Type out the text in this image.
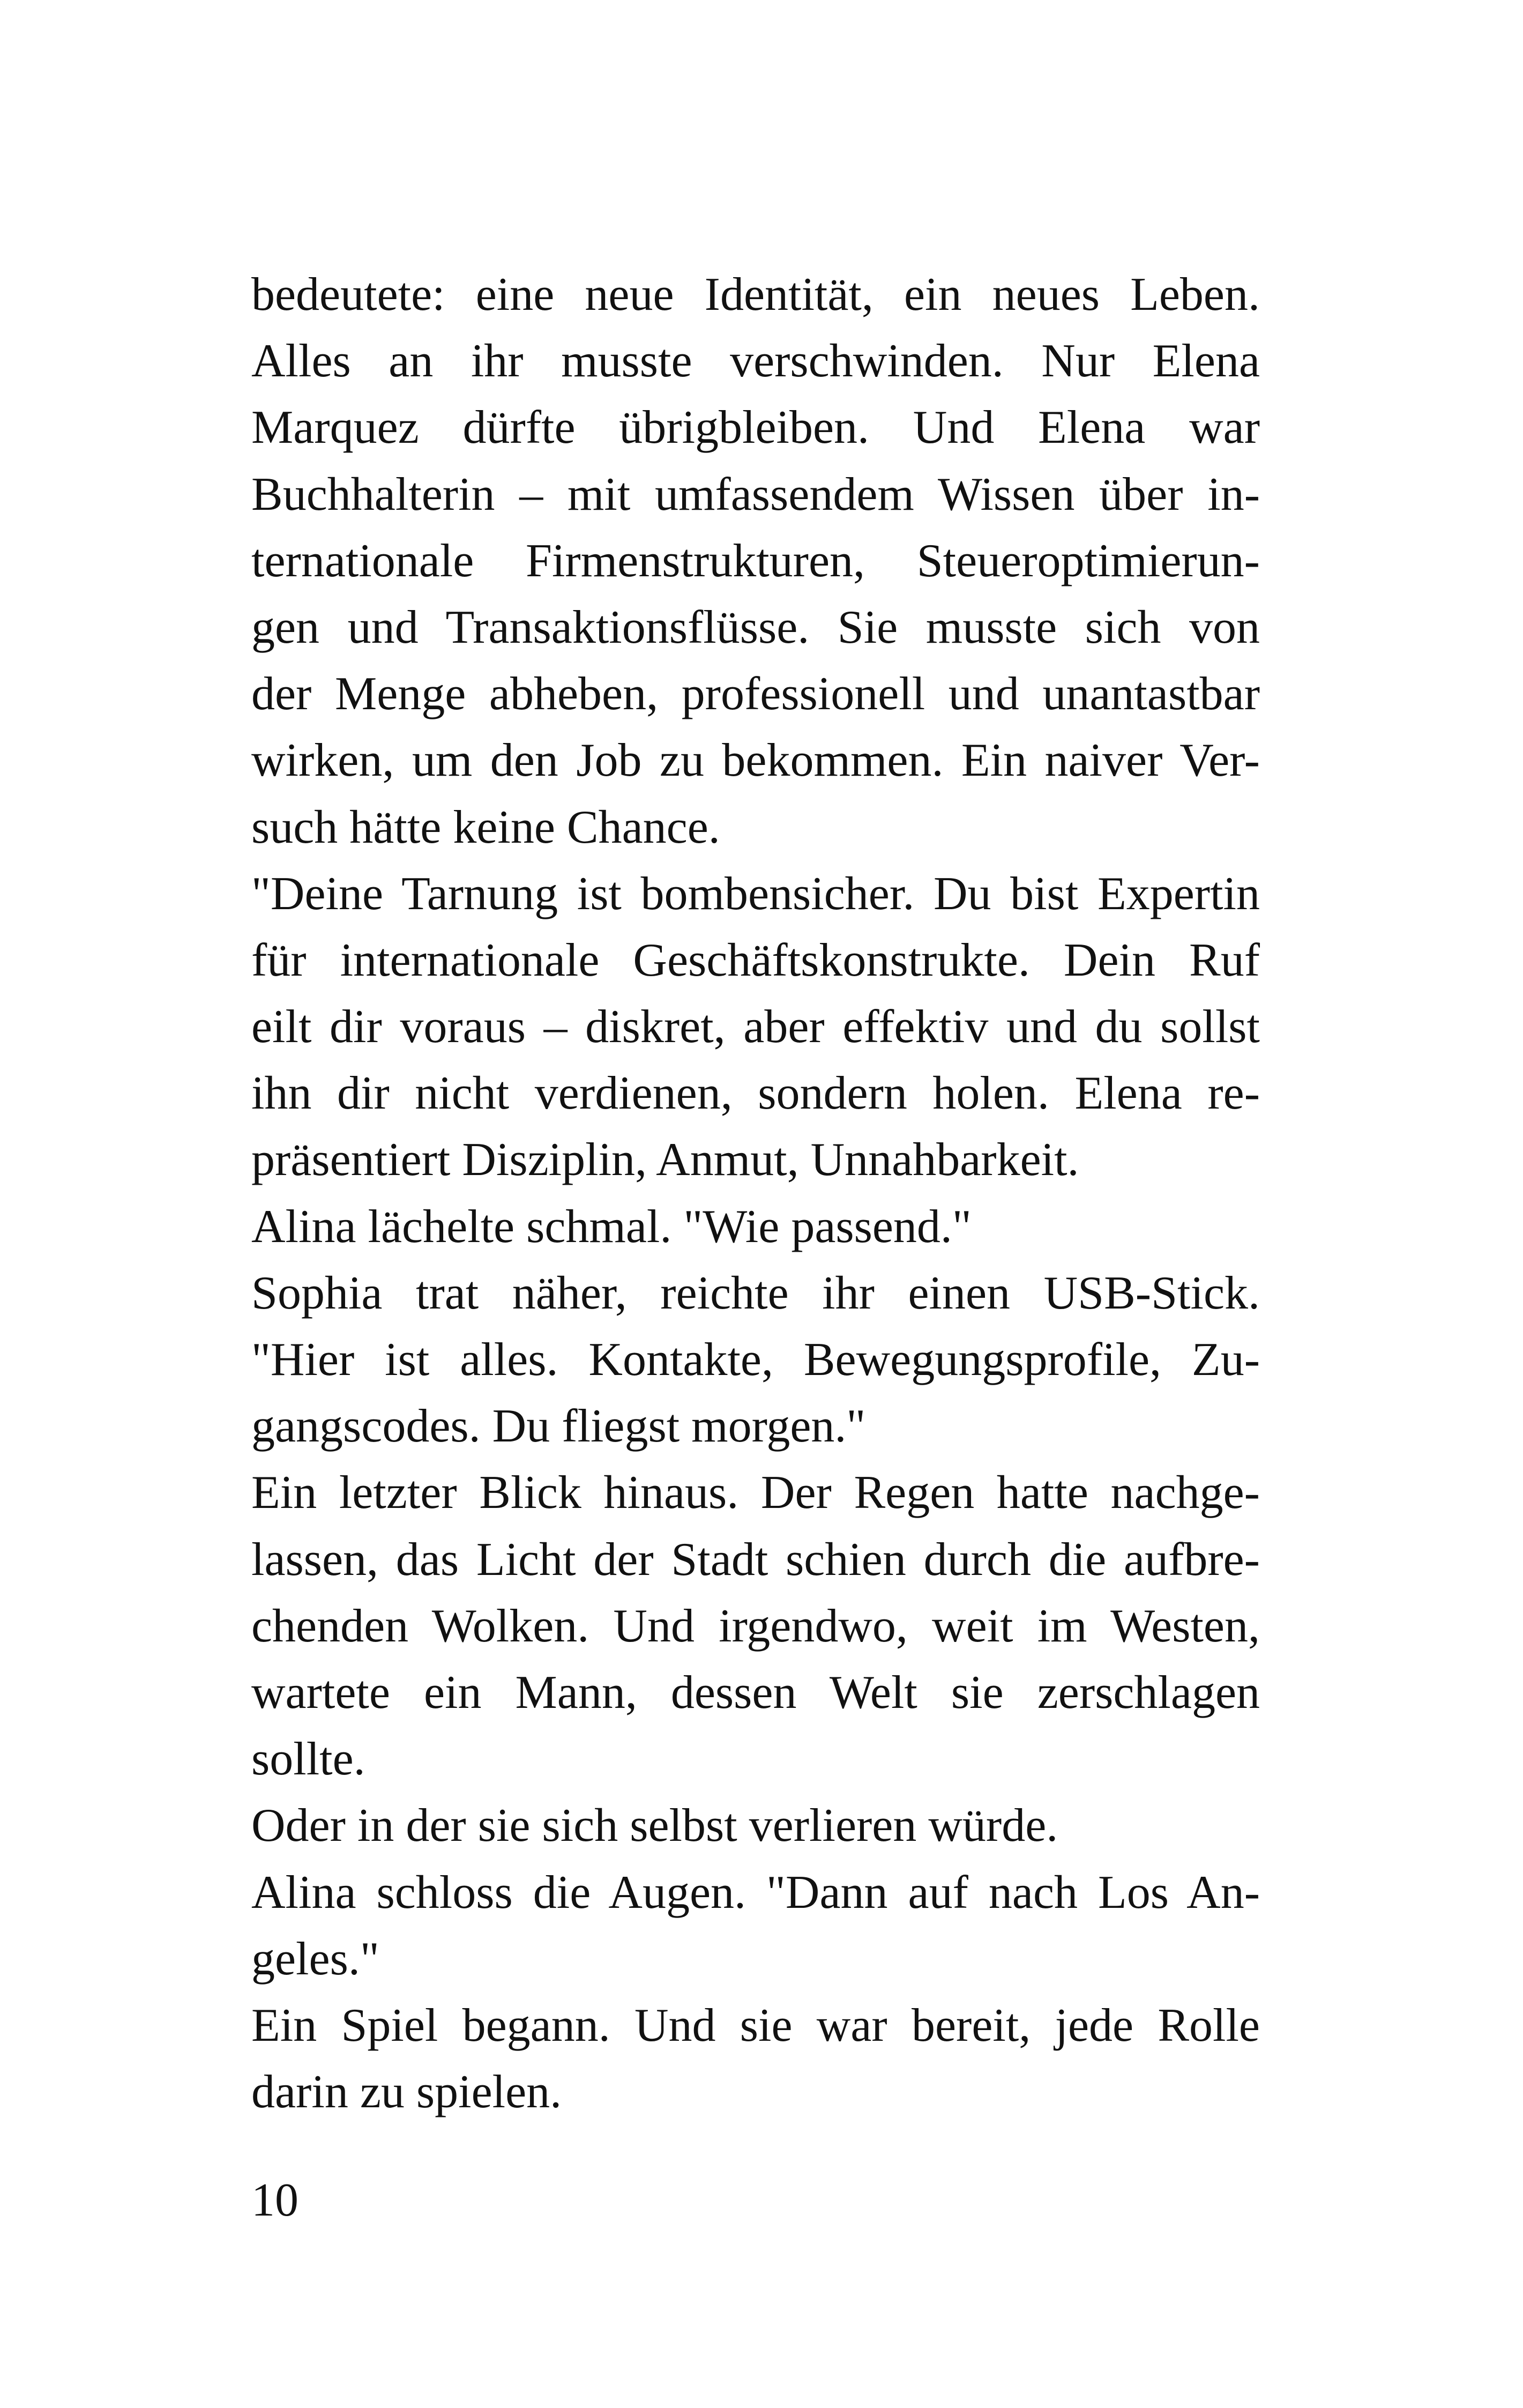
bedeutete: eine neue Identität, ein neues Leben.
Alles an ihr musste verschwinden. Nur Elena
Marquez dürfte übrigbleiben. Und Elena war
Buchhalterin – mit umfassendem Wissen über in-
ternationale Firmenstrukturen, Steueroptimierun-
gen und Transaktionsflüsse. Sie musste sich von
der Menge abheben, professionell und unantastbar
wirken, um den Job zu bekommen. Ein naiver Ver-
such hätte keine Chance.
"Deine Tarnung ist bombensicher. Du bist Expertin
für internationale Geschäftskonstrukte. Dein Ruf
eilt dir voraus – diskret, aber effektiv und du sollst
ihn dir nicht verdienen, sondern holen. Elena re-
präsentiert Disziplin, Anmut, Unnahbarkeit.
Alina lächelte schmal. "Wie passend."
Sophia trat näher, reichte ihr einen USB-Stick.
"Hier ist alles. Kontakte, Bewegungsprofile, Zu-
gangscodes. Du fliegst morgen."
Ein letzter Blick hinaus. Der Regen hatte nachge-
lassen, das Licht der Stadt schien durch die aufbre-
chenden Wolken. Und irgendwo, weit im Westen,
wartete ein Mann, dessen Welt sie zerschlagen
sollte.
Oder in der sie sich selbst verlieren würde.
Alina schloss die Augen. "Dann auf nach Los An-
geles."
Ein Spiel begann. Und sie war bereit, jede Rolle
darin zu spielen.
10
